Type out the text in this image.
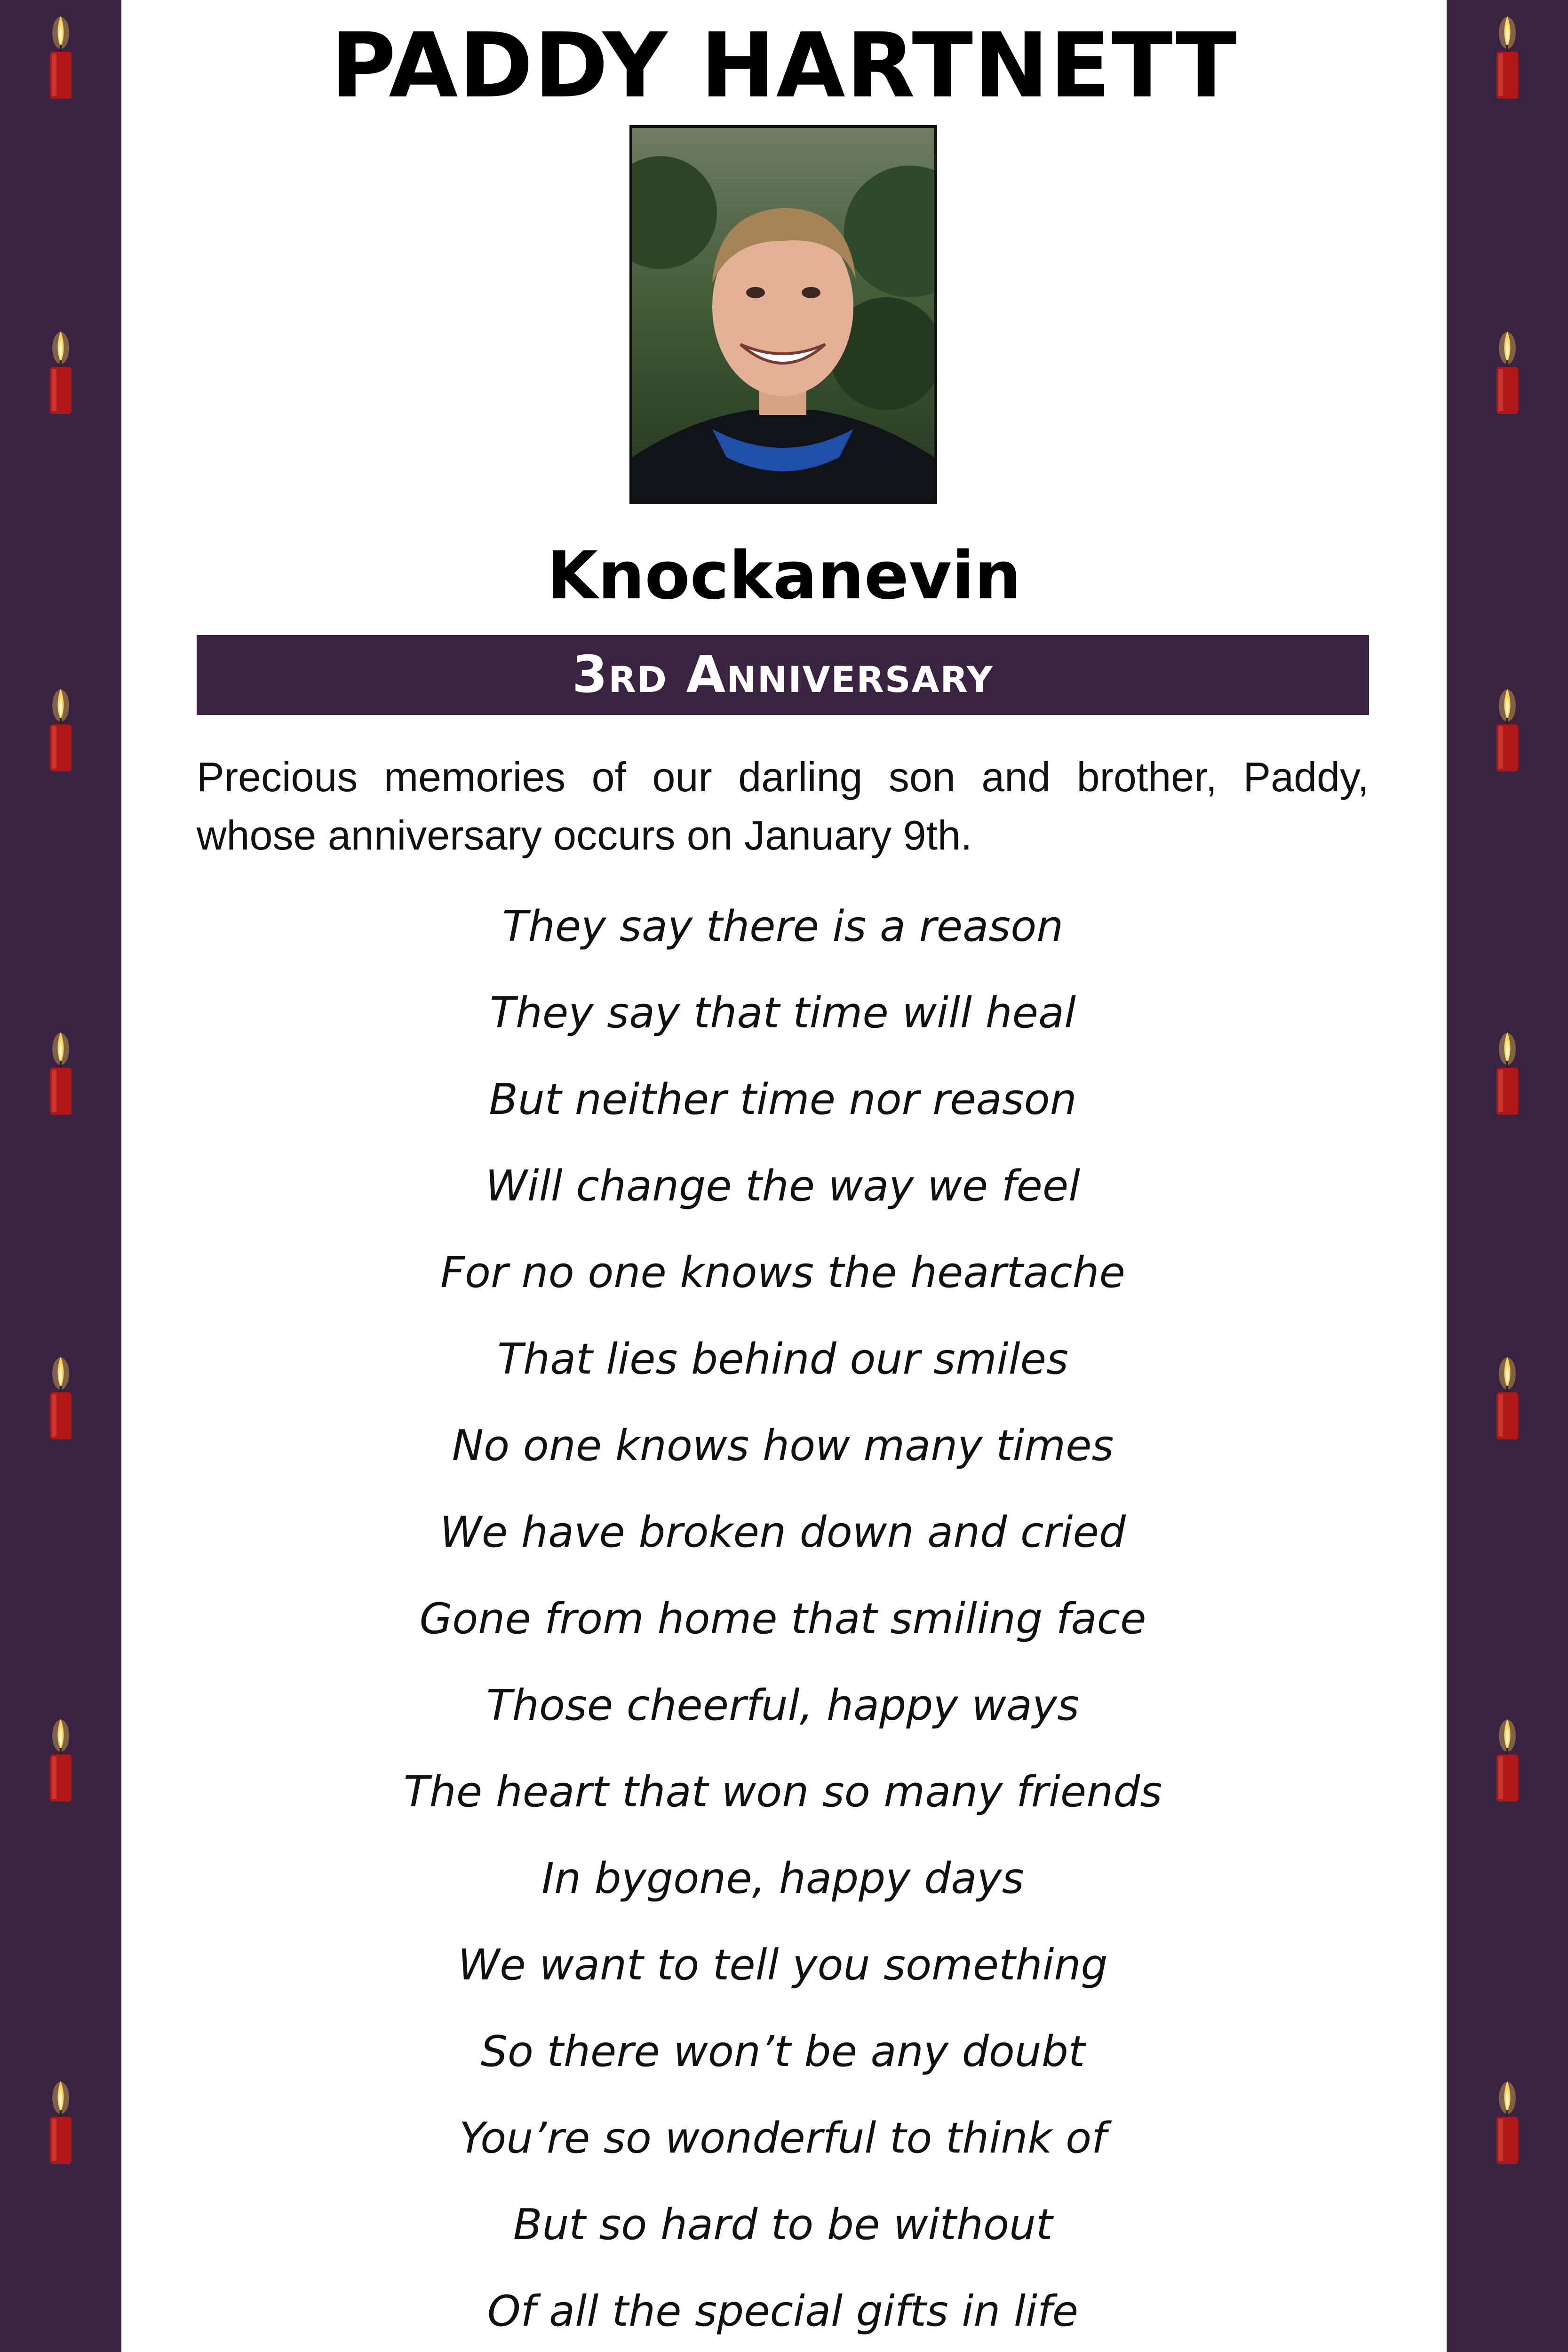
PADDY HARTNETT
Knockanevin
3rd Anniversary

Precious memories of our darling son and brother, Paddy, whose anniversary occurs on January 9th.

They say there is a reason
They say that time will heal
But neither time nor reason
Will change the way we feel
For no one knows the heartache
That lies behind our smiles
No one knows how many times
We have broken down and cried
Gone from home that smiling face
Those cheerful, happy ways
The heart that won so many friends
In bygone, happy days
We want to tell you something
So there won’t be any doubt
You’re so wonderful to think of
But so hard to be without
Of all the special gifts in life
